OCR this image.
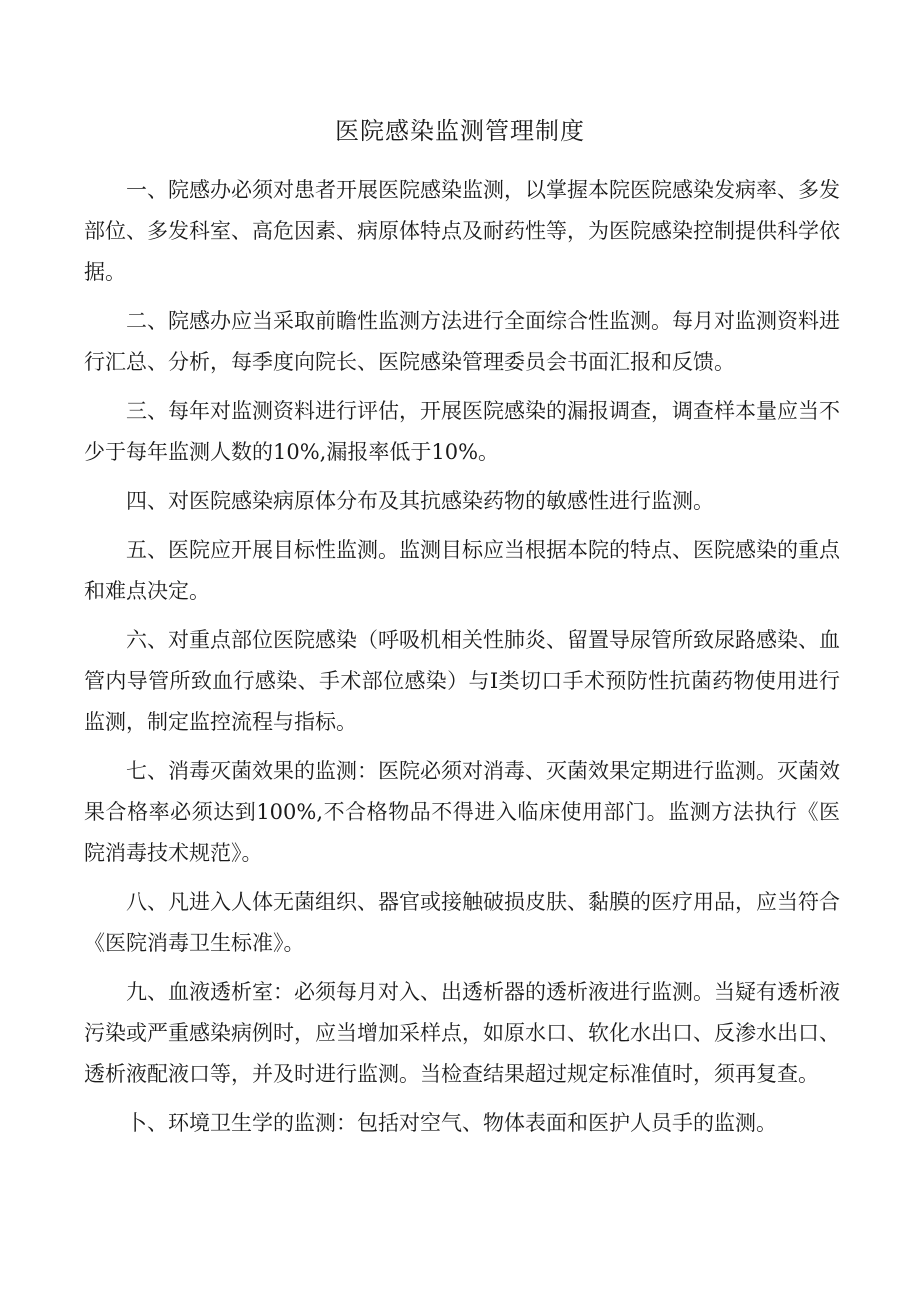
医院感染监测管理制度

一、院感办必须对患者开展医院感染监测，以掌握本院医院感染发病率、多发部位、多发科室、高危因素、病原体特点及耐药性等，为医院感染控制提供科学依据。

二、院感办应当采取前瞻性监测方法进行全面综合性监测。每月对监测资料进行汇总、分析，每季度向院长、医院感染管理委员会书面汇报和反馈。

三、每年对监测资料进行评估，开展医院感染的漏报调查，调查样本量应当不少于每年监测人数的10%,漏报率低于10%。

四、对医院感染病原体分布及其抗感染药物的敏感性进行监测。

五、医院应开展目标性监测。监测目标应当根据本院的特点、医院感染的重点和难点决定。

六、对重点部位医院感染（呼吸机相关性肺炎、留置导尿管所致尿路感染、血管内导管所致血行感染、手术部位感染）与I类切口手术预防性抗菌药物使用进行监测，制定监控流程与指标。

七、消毒灭菌效果的监测：医院必须对消毒、灭菌效果定期进行监测。灭菌效果合格率必须达到100%,不合格物品不得进入临床使用部门。监测方法执行《医院消毒技术规范》。

八、凡进入人体无菌组织、器官或接触破损皮肤、黏膜的医疗用品，应当符合《医院消毒卫生标准》。

九、血液透析室：必须每月对入、出透析器的透析液进行监测。当疑有透析液污染或严重感染病例时，应当增加采样点，如原水口、软化水出口、反渗水出口、透析液配液口等，并及时进行监测。当检查结果超过规定标准值时，须再复查。

卜、环境卫生学的监测：包括对空气、物体表面和医护人员手的监测。
